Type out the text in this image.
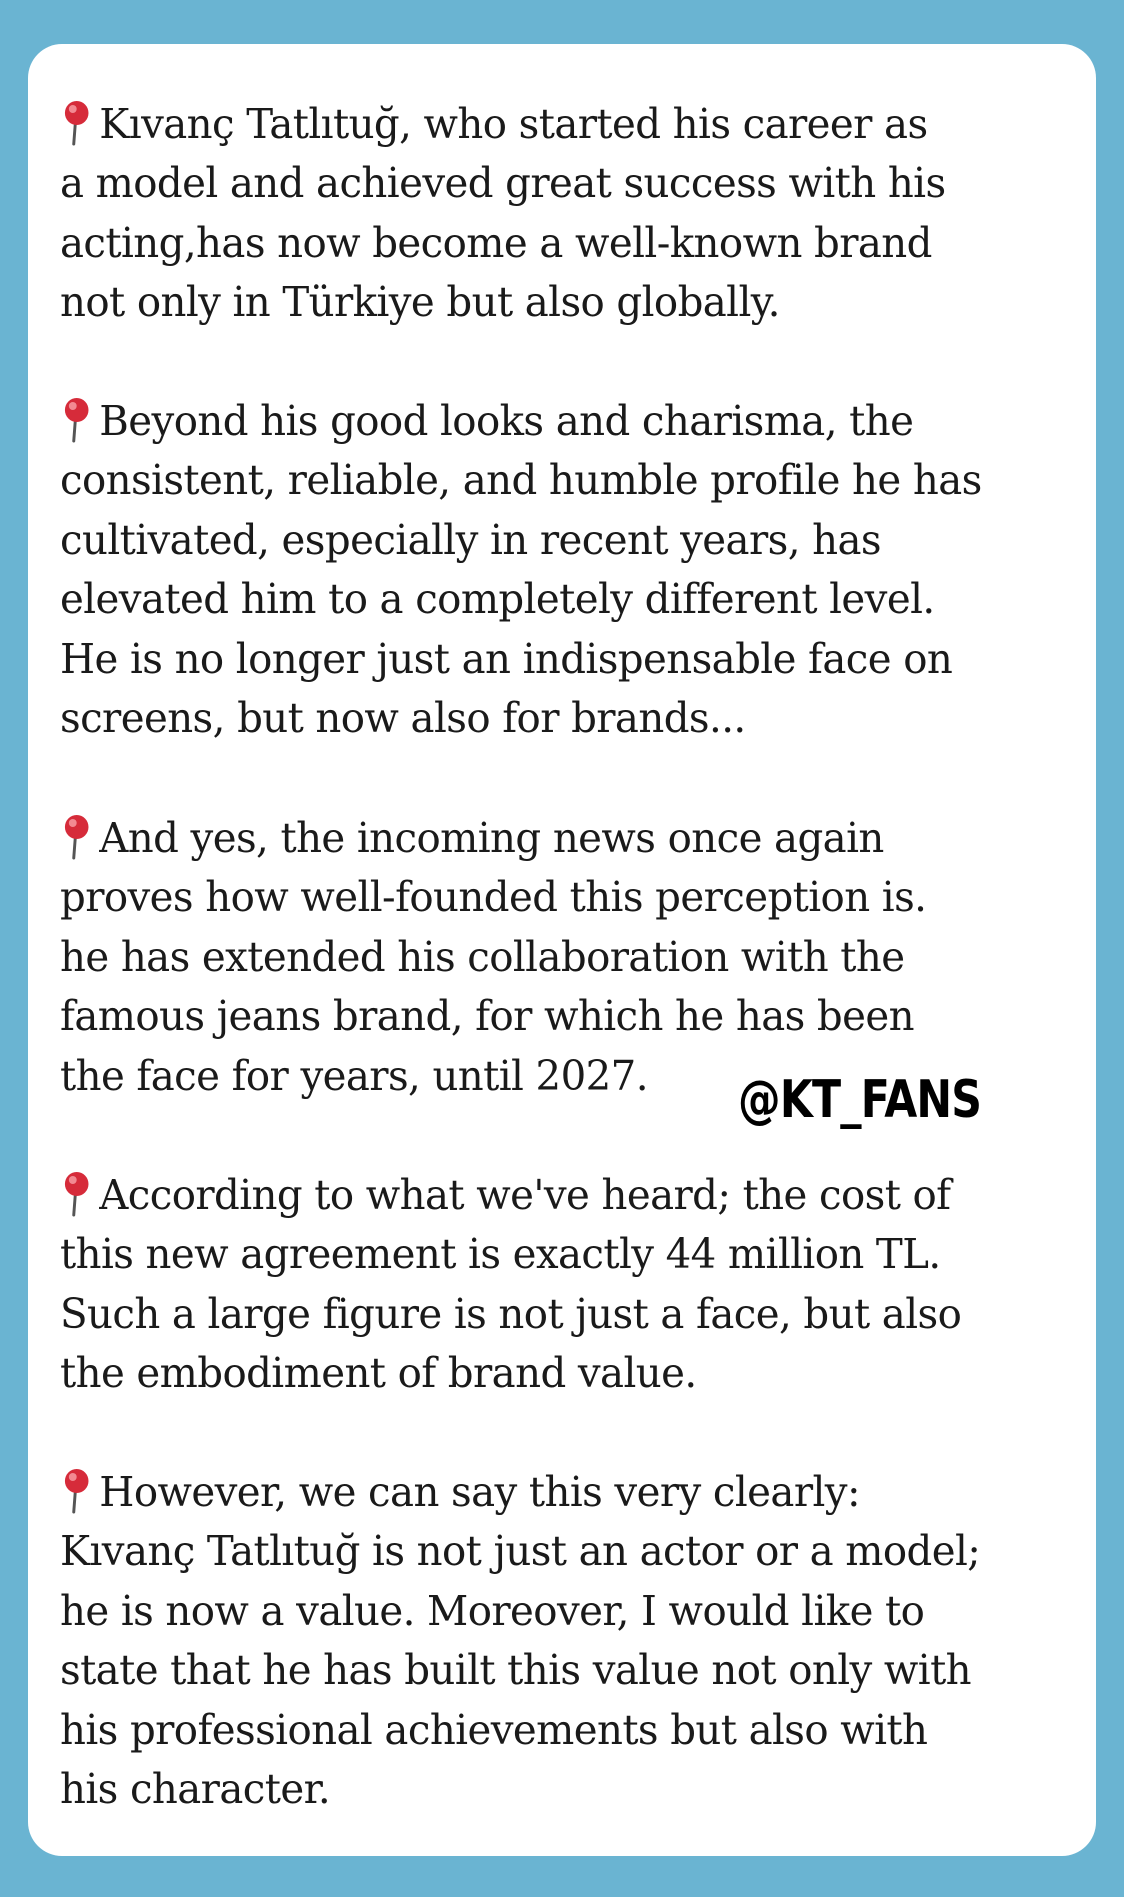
Kıvanç Tatlıtuğ, who started his career as
a model and achieved great success with his
acting,has now become a well-known brand
not only in Türkiye but also globally.
Beyond his good looks and charisma, the
consistent, reliable, and humble profile he has
cultivated, especially in recent years, has
elevated him to a completely different level.
He is no longer just an indispensable face on
screens, but now also for brands...
And yes, the incoming news once again
proves how well-founded this perception is.
he has extended his collaboration with the
famous jeans brand, for which he has been
the face for years, until 2027.	@KT_FANS
According to what we've heard; the cost of
this new agreement is exactly 44 million TL.
Such a large figure is not just a face, but also
the embodiment of brand value.
However, we can say this very clearly:
Kıvanç Tatlıtuğ is not just an actor or a model;
he is now a value. Moreover, I would like to
state that he has built this value not only with
his professional achievements but also with
his character.
